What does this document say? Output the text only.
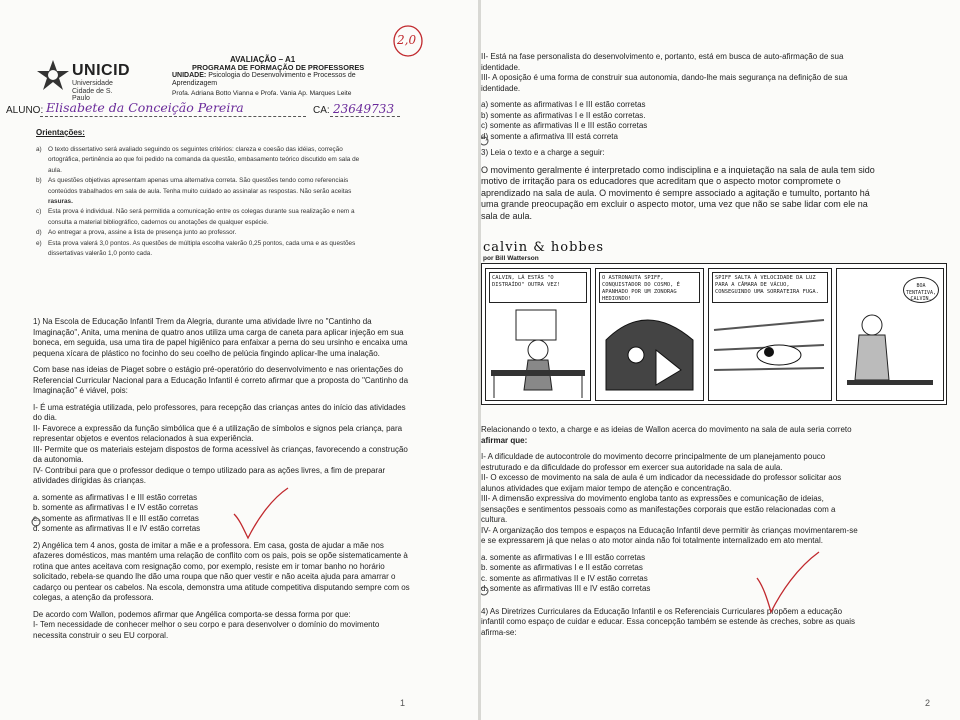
UNICID
Universidade
Cidade de S. Paulo
AVALIAÇÃO – A1
PROGRAMA DE FORMAÇÃO DE PROFESSORES
UNIDADE: Psicologia do Desenvolvimento e Processos de Aprendizagem
Profa. Adriana Botto Vianna e Profa. Vania Ap. Marques Leite
2,0
ALUNO: Elisabete da Conceição Pereira	CA: 23649733
Orientações:
a) O texto dissertativo será avaliado seguindo os seguintes critérios: clareza e coesão das idéias, correção
ortográfica, pertinência ao que foi pedido na comanda da questão, embasamento teórico discutido em sala de
aula.
b) As questões objetivas apresentam apenas uma alternativa correta. São questões tendo como referenciais
conteúdos trabalhados em sala de aula. Tenha muito cuidado ao assinalar as respostas. Não serão aceitas
rasuras.
c) Esta prova é individual. Não será permitida a comunicação entre os colegas durante sua realização e nem a
consulta a material bibliográfico, cadernos ou anotações de qualquer espécie.
d) Ao entregar a prova, assine a lista de presença junto ao professor.
e) Esta prova valerá 3,0 pontos. As questões de múltipla escolha valerão 0,25 pontos, cada uma e as questões
dissertativas valerão 1,0 ponto cada.
1) Na Escola de Educação Infantil Trem da Alegria, durante uma atividade livre no "Cantinho da
Imaginação", Anita, uma menina de quatro anos utiliza uma carga de caneta para aplicar injeção em sua
boneca, em seguida, usa uma tira de papel higiênico para enfaixar a perna do seu ursinho e encaixa uma
pequena xícara de plástico no focinho do seu coelho de pelúcia fingindo aplicar-lhe uma inalação.
Com base nas ideias de Piaget sobre o estágio pré-operatório do desenvolvimento e nas orientações do
Referencial Curricular Nacional para a Educação Infantil é correto afirmar que a proposta do "Cantinho da
Imaginação" é viável, pois:
I- É uma estratégia utilizada, pelo professores, para recepção das crianças antes do início das atividades
do dia.
II- Favorece a expressão da função simbólica que é a utilização de símbolos e signos pela criança, para
representar objetos e eventos relacionados à sua experiência.
III- Permite que os materiais estejam dispostos de forma acessível às crianças, favorecendo a construção
da autonomia.
IV- Contribui para que o professor dedique o tempo utilizado para as ações livres, a fim de preparar
atividades dirigidas às crianças.
a. somente as afirmativas I e III estão corretas
b. somente as afirmativas I e IV estão corretas
c. somente as afirmativas II e III estão corretas
d. somente as afirmativas II e IV estão corretas
2) Angélica tem 4 anos, gosta de imitar a mãe e a professora. Em casa, gosta de ajudar a mãe nos
afazeres domésticos, mas mantém uma relação de conflito com os pais, pois se opõe sistematicamente à
rotina que antes aceitava com resignação como, por exemplo, resiste em ir tomar banho no horário
solicitado, rebela-se quando lhe dão uma roupa que não quer vestir e não aceita ajuda para amarrar o
cadarço ou pentear os cabelos. Na escola, demonstra uma atitude competitiva disputando sempre com os
colegas, a atenção da professora.
De acordo com Wallon, podemos afirmar que Angélica comporta-se dessa forma por que:
I- Tem necessidade de conhecer melhor o seu corpo e para desenvolver o domínio do movimento
necessita construir o seu EU corporal.
1
II- Está na fase personalista do desenvolvimento e, portanto, está em busca de auto-afirmação de sua
identidade.
III- A oposição é uma forma de construir sua autonomia, dando-lhe mais segurança na definição de sua
identidade.
a) somente as afirmativas I e III estão corretas
b) somente as afirmativas I e II estão corretas.
c) somente as afirmativas II e III estão corretas
d) somente a afirmativa III está correta
3) Leia o texto e a charge a seguir:
O movimento geralmente é interpretado como indisciplina e a inquietação na sala de aula tem sido
motivo de irritação para os educadores que acreditam que o aspecto motor compromete o
aprendizado na sala de aula. O movimento é sempre associado a agitação e tumulto, portanto há
uma grande preocupação em excluir o aspecto motor, uma vez que não se sabe lidar com ele na
sala de aula.
calvin & hobbes
por Bill Watterson
CALVIN, LÁ ESTÁS "O DISTRAÍDO" OUTRA VEZ!
O ASTRONAUTA SPIFF, CONQUISTADOR DO COSMO, É APANHADO POR UM ZONORAG HEDIONDO!
SPIFF SALTA À VELOCIDADE DA LUZ PARA A CÂMARA DE VÁCUO, CONSEGUINDO UMA SORRATEIRA FUGA.
BOA TENTATIVA, CALVIN.
Relacionando o texto, a charge e as ideias de Wallon acerca do movimento na sala de aula seria correto
afirmar que:
I- A dificuldade de autocontrole do movimento decorre principalmente de um planejamento pouco
estruturado e da dificuldade do professor em exercer sua autoridade na sala de aula.
II- O excesso de movimento na sala de aula é um indicador da necessidade do professor solicitar aos
alunos atividades que exijam maior tempo de atenção e concentração.
III- A dimensão expressiva do movimento engloba tanto as expressões e comunicação de ideias,
sensações e sentimentos pessoais como as manifestações corporais que estão relacionadas com a
cultura.
IV- A organização dos tempos e espaços na Educação Infantil deve permitir às crianças movimentarem-se
e se expressarem já que nelas o ato motor ainda não foi totalmente internalizado em ato mental.
a. somente as afirmativas I e III estão corretas
b. somente as afirmativas I e II estão corretas
c. somente as afirmativas II e IV estão corretas
d. somente as afirmativas III e IV estão corretas
4) As Diretrizes Curriculares da Educação Infantil e os Referenciais Curriculares propõem a educação
infantil como espaço de cuidar e educar. Essa concepção também se estende às creches, sobre as quais
afirma-se:
2
